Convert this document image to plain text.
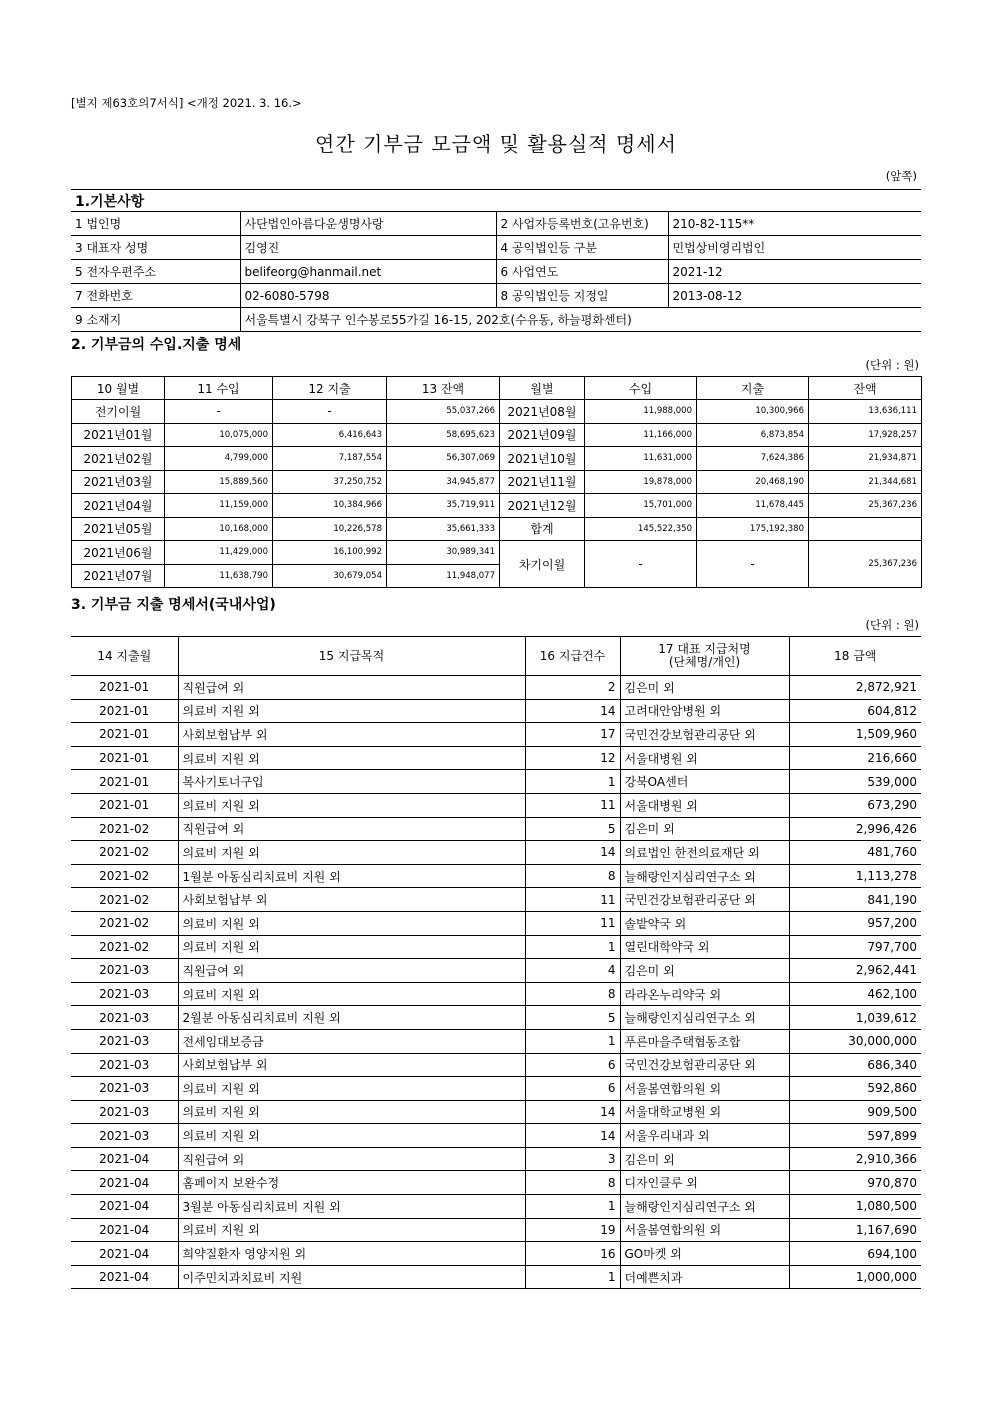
[별지 제63호의7서식] <개정 2021. 3. 16.>
연간 기부금 모금액 및 활용실적 명세서
(앞쪽)
1.기본사항			
1 법인명	사단법인아름다운생명사랑	2 사업자등록번호(고유번호)	210-82-115**
3 대표자 성명	김영진	4 공익법인등 구분	민법상비영리법인
5 전자우편주소	belifeorg@hanmail.net	6 사업연도	2021-12
7 전화번호	02-6080-5798	8 공익법인등 지정일	2013-08-12
9 소재지	서울특별시 강북구 인수봉로55가길 16-15, 202호(수유동, 하늘평화센터)		
2. 기부금의 수입.지출 명세
(단위 : 원)
10 월별	11 수입	12 지출	13 잔액	월별	수입	지출	잔액
전기이월	-	-	55,037,266	2021년08월	11,988,000	10,300,966	13,636,111
2021년01월	10,075,000	6,416,643	58,695,623	2021년09월	11,166,000	6,873,854	17,928,257
2021년02월	4,799,000	7,187,554	56,307,069	2021년10월	11,631,000	7,624,386	21,934,871
2021년03월	15,889,560	37,250,752	34,945,877	2021년11월	19,878,000	20,468,190	21,344,681
2021년04월	11,159,000	10,384,966	35,719,911	2021년12월	15,701,000	11,678,445	25,367,236
2021년05월	10,168,000	10,226,578	35,661,333	합계	145,522,350	175,192,380	
2021년06월	11,429,000	16,100,992	30,989,341	차기이월	-	-	25,367,236
2021년07월	11,638,790	30,679,054	11,948,077				
3. 기부금 지출 명세서(국내사업)
(단위 : 원)
14 지출월	15 지급목적	16 지급건수	17 대표 지급처명
(단체명/개인)	18 금액
2021-01	직원급여 외	2	김은미 외	2,872,921
2021-01	의료비 지원 외	14	고려대안암병원 외	604,812
2021-01	사회보험납부 외	17	국민건강보험관리공단 외	1,509,960
2021-01	의료비 지원 외	12	서울대병원 외	216,660
2021-01	복사기토너구입	1	강북OA센터	539,000
2021-01	의료비 지원 외	11	서울대병원 외	673,290
2021-02	직원급여 외	5	김은미 외	2,996,426
2021-02	의료비 지원 외	14	의료법인 한전의료재단 외	481,760
2021-02	1월분 아동심리치료비 지원 외	8	늘해랑인지심리연구소 외	1,113,278
2021-02	사회보험납부 외	11	국민건강보험관리공단 외	841,190
2021-02	의료비 지원 외	11	솔밭약국 외	957,200
2021-02	의료비 지원 외	1	열린대학약국 외	797,700
2021-03	직원급여 외	4	김은미 외	2,962,441
2021-03	의료비 지원 외	8	라라온누리약국 외	462,100
2021-03	2월분 아동심리치료비 지원 외	5	늘해랑인지심리연구소 외	1,039,612
2021-03	전세임대보증금	1	푸른마을주택협동조합	30,000,000
2021-03	사회보험납부 외	6	국민건강보험관리공단 외	686,340
2021-03	의료비 지원 외	6	서울봄연합의원 외	592,860
2021-03	의료비 지원 외	14	서울대학교병원 외	909,500
2021-03	의료비 지원 외	14	서울우리내과 외	597,899
2021-04	직원급여 외	3	김은미 외	2,910,366
2021-04	홈페이지 보완수정	8	디자인클루 외	970,870
2021-04	3월분 아동심리치료비 지원 외	1	늘해랑인지심리연구소 외	1,080,500
2021-04	의료비 지원 외	19	서울봄연합의원 외	1,167,690
2021-04	희약질환자 영양지원 외	16	GO마켓 외	694,100
2021-04	이주민치과치료비 지원	1	더예쁜치과	1,000,000
